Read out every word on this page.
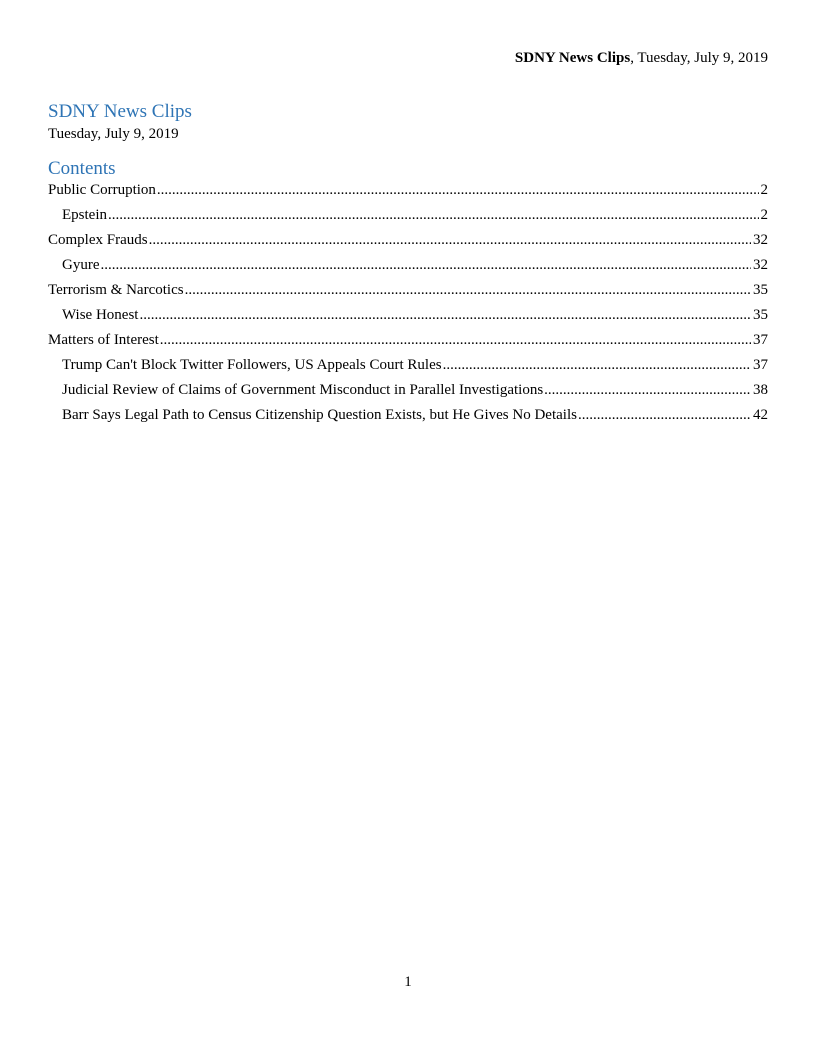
SDNY News Clips, Tuesday, July 9, 2019
SDNY News Clips
Tuesday, July 9, 2019
Contents
Public Corruption .....	2
Epstein .....	2
Complex Frauds .....	32
Gyure .....	32
Terrorism & Narcotics .....	35
Wise Honest .....	35
Matters of Interest .....	37
Trump Can't Block Twitter Followers, US Appeals Court Rules .....	37
Judicial Review of Claims of Government Misconduct in Parallel Investigations .....	38
Barr Says Legal Path to Census Citizenship Question Exists, but He Gives No Details .....	42
1
